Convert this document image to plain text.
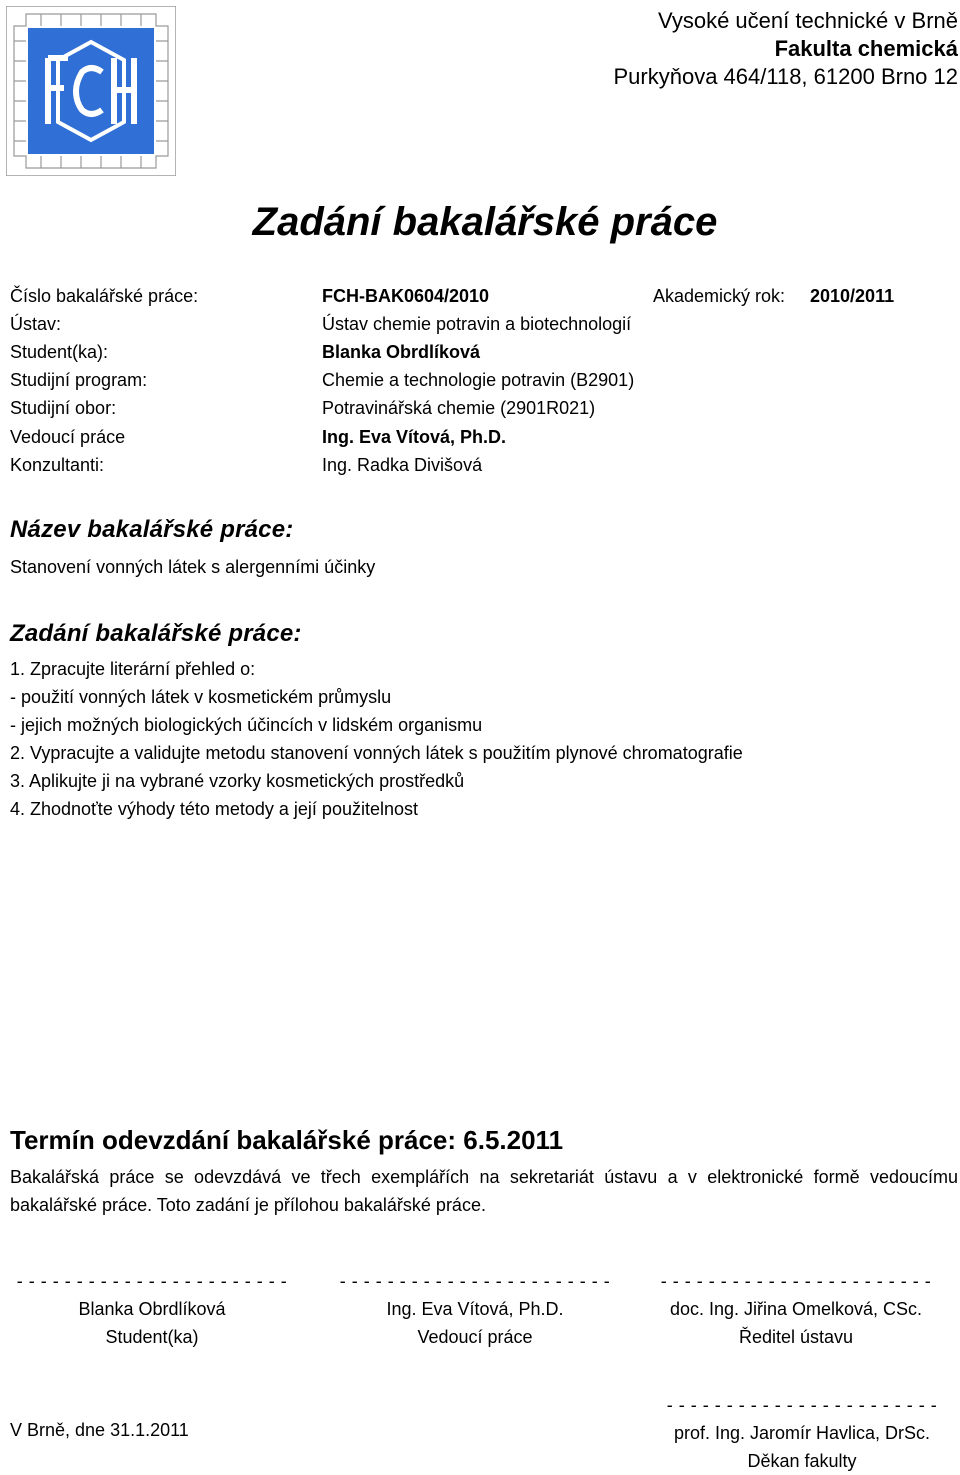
Vysoké učení technické v Brně
Fakulta chemická
Purkyňova 464/118, 61200 Brno 12
Zadání bakalářské práce
Číslo bakalářské práce:	FCH-BAK0604/2010	Akademický rok: 2010/2011
Ústav:	Ústav chemie potravin a biotechnologií
Student(ka):	Blanka Obrdlíková
Studijní program:	Chemie a technologie potravin (B2901)
Studijní obor:	Potravinářská chemie (2901R021)
Vedoucí práce	Ing. Eva Vítová, Ph.D.
Konzultanti:	Ing. Radka Divišová
Název bakalářské práce:
Stanovení vonných látek s alergenními účinky
Zadání bakalářské práce:
1. Zpracujte literární přehled o:
- použití vonných látek v kosmetickém průmyslu
- jejich možných biologických účincích v lidském organismu
2. Vypracujte a validujte metodu stanovení vonných látek s použitím plynové chromatografie
3. Aplikujte ji na vybrané vzorky kosmetických prostředků
4. Zhodnoťte výhody této metody a její použitelnost
Termín odevzdání bakalářské práce: 6.5.2011
Bakalářská práce se odevzdává ve třech exemplářích na sekretariát ústavu a v elektronické formě vedoucímu bakalářské práce. Toto zadání je přílohou bakalářské práce.
- - - - - - - - - - - - - - - - - - - - - - -
Blanka Obrdlíková
Student(ka)
- - - - - - - - - - - - - - - - - - - - - - -
Ing. Eva Vítová, Ph.D.
Vedoucí práce
- - - - - - - - - - - - - - - - - - - - - - -
doc. Ing. Jiřina Omelková, CSc.
Ředitel ústavu
V Brně, dne 31.1.2011
- - - - - - - - - - - - - - - - - - - - - - -
prof. Ing. Jaromír Havlica, DrSc.
Děkan fakulty
